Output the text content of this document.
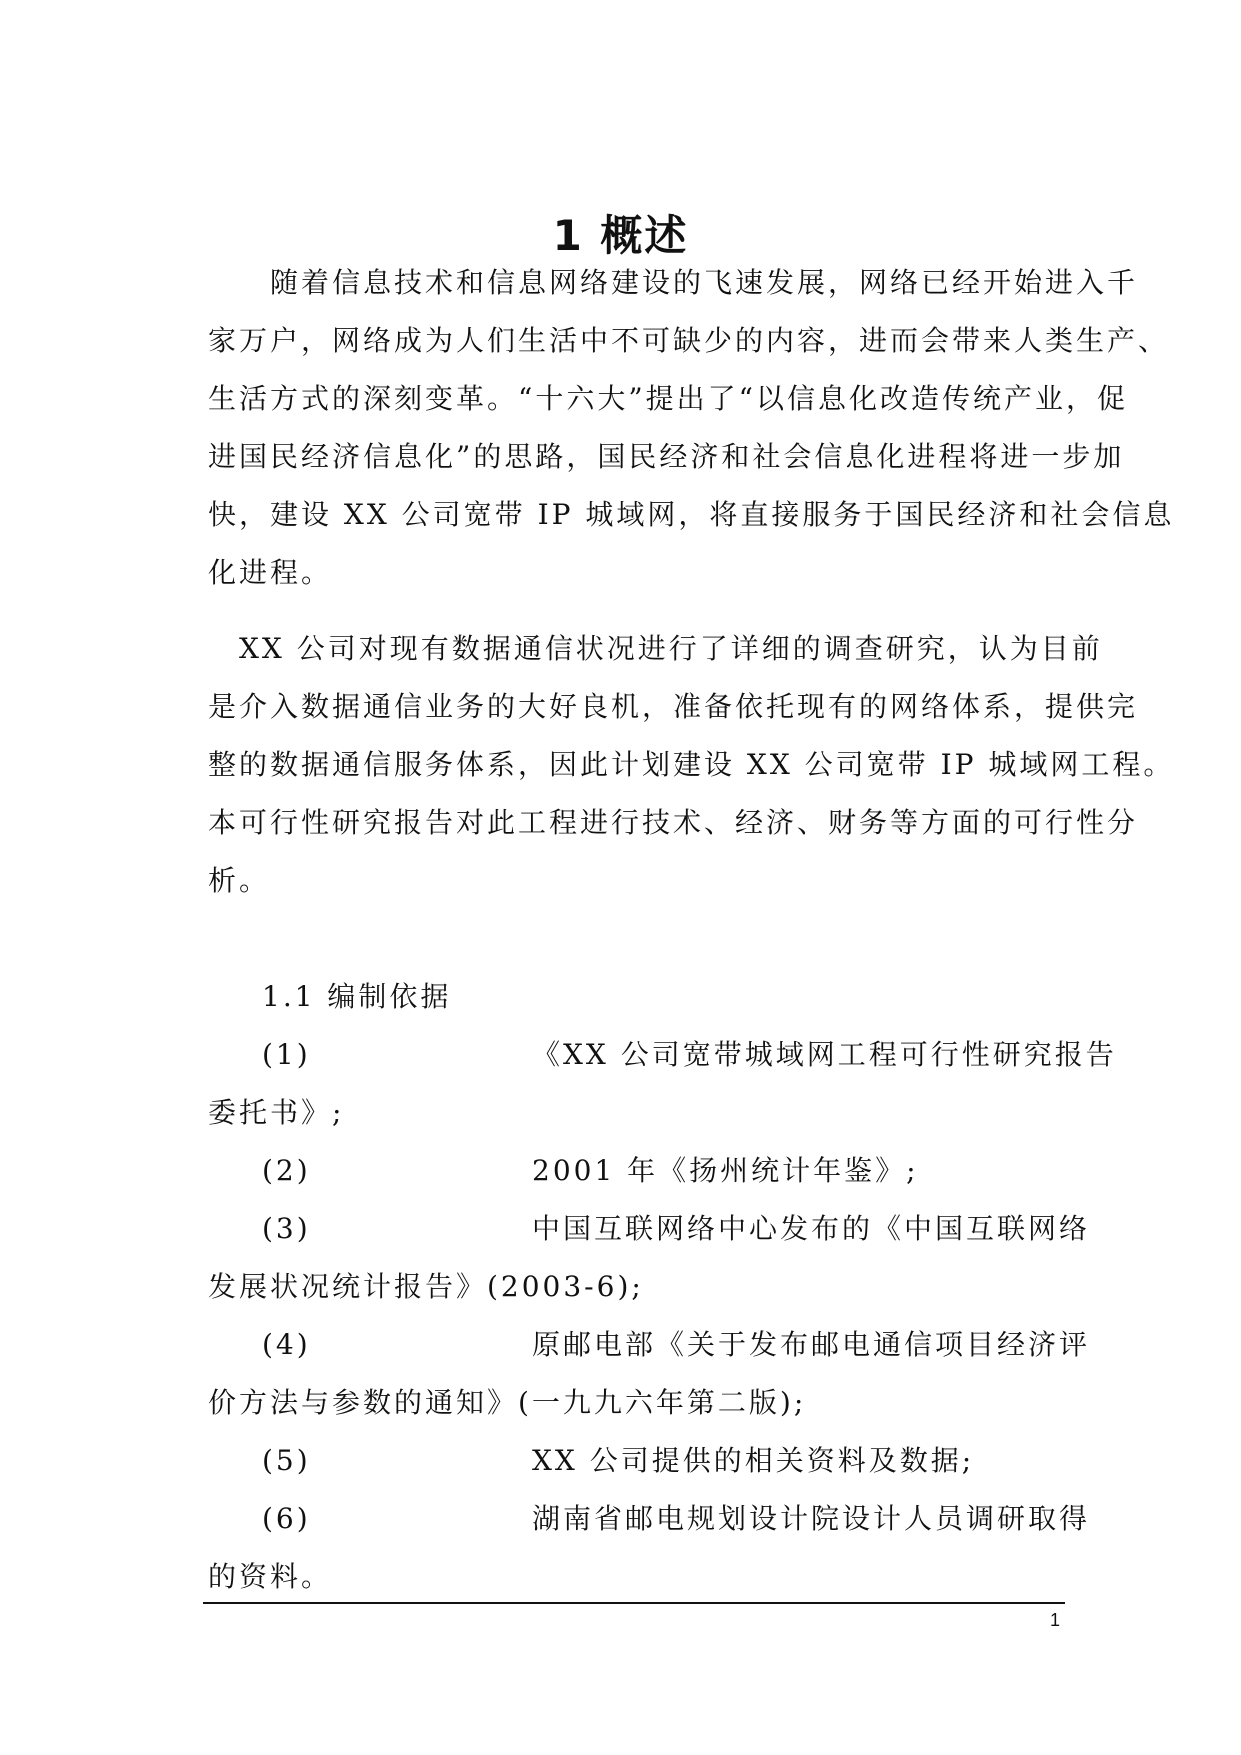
1 概述

　　随着信息技术和信息网络建设的飞速发展，网络已经开始进入千
家万户，网络成为人们生活中不可缺少的内容，进而会带来人类生产、
生活方式的深刻变革。“十六大”提出了“以信息化改造传统产业，促
进国民经济信息化”的思路，国民经济和社会信息化进程将进一步加
快，建设 XX 公司宽带 IP 城域网，将直接服务于国民经济和社会信息
化进程。

　XX 公司对现有数据通信状况进行了详细的调查研究，认为目前
是介入数据通信业务的大好良机，准备依托现有的网络体系，提供完
整的数据通信服务体系，因此计划建设 XX 公司宽带 IP 城域网工程。
本可行性研究报告对此工程进行技术、经济、财务等方面的可行性分
析。

1.1 编制依据
(1)	《XX 公司宽带城域网工程可行性研究报告
委托书》;
(2)	2001 年《扬州统计年鉴》;
(3)	中国互联网络中心发布的《中国互联网络
发展状况统计报告》(2003-6);
(4)	原邮电部《关于发布邮电通信项目经济评
价方法与参数的通知》(一九九六年第二版);
(5)	XX 公司提供的相关资料及数据;
(6)	湖南省邮电规划设计院设计人员调研取得
的资料。
1
